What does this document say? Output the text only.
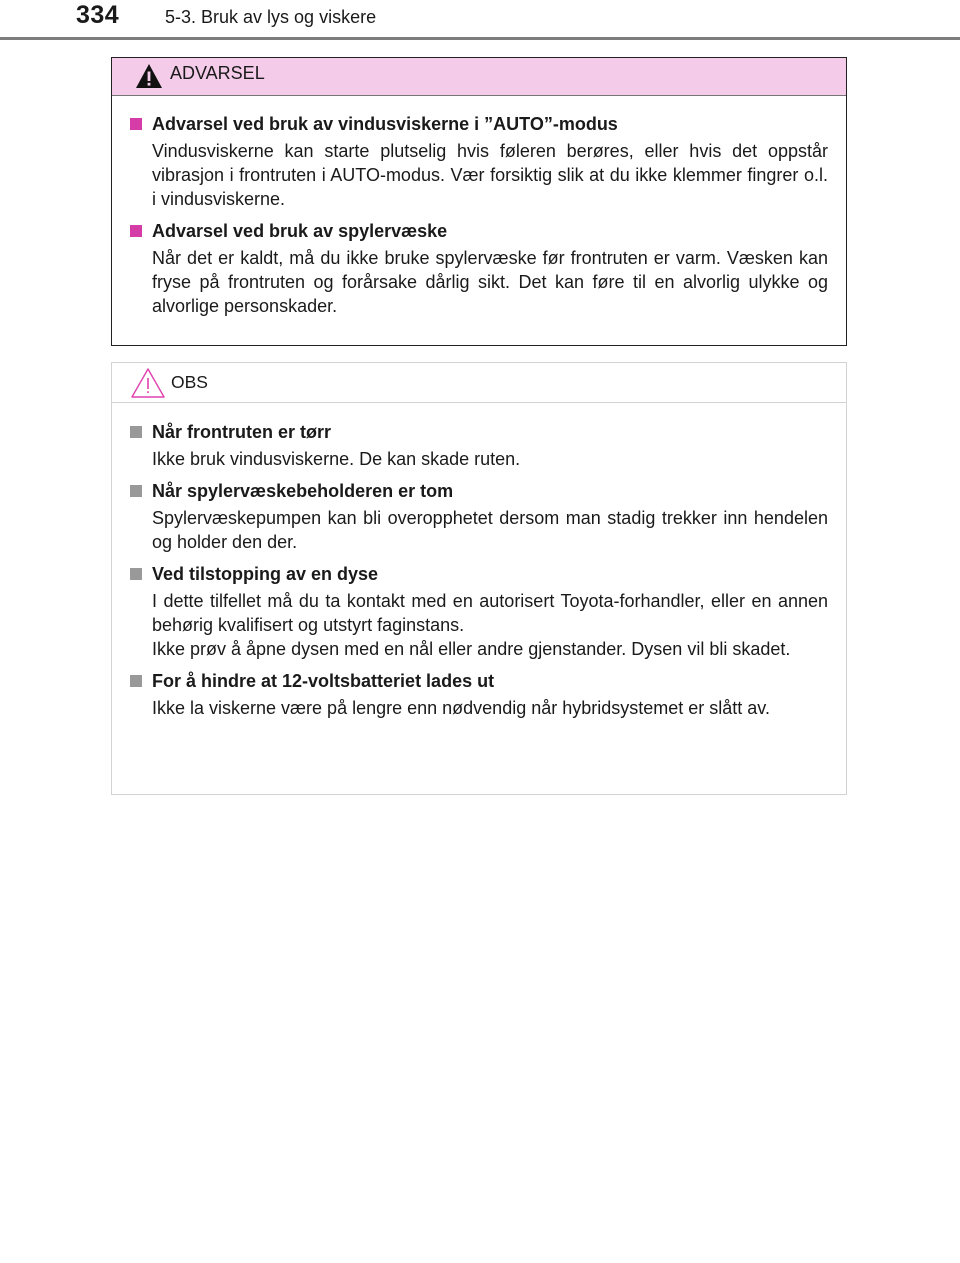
334	5-3. Bruk av lys og viskere
ADVARSEL
Advarsel ved bruk av vindusviskerne i ”AUTO”-modus
Vindusviskerne kan starte plutselig hvis føleren berøres, eller hvis det oppstår vibrasjon i frontruten i AUTO-modus. Vær forsiktig slik at du ikke klemmer fingrer o.l. i vindusviskerne.
Advarsel ved bruk av spylervæske
Når det er kaldt, må du ikke bruke spylervæske før frontruten er varm. Væsken kan fryse på frontruten og forårsake dårlig sikt. Det kan føre til en alvorlig ulykke og alvorlige personskader.
OBS
Når frontruten er tørr
Ikke bruk vindusviskerne. De kan skade ruten.
Når spylervæskebeholderen er tom
Spylervæskepumpen kan bli overopphetet dersom man stadig trekker inn hendelen og holder den der.
Ved tilstopping av en dyse
I dette tilfellet må du ta kontakt med en autorisert Toyota-forhandler, eller en annen behørig kvalifisert og utstyrt faginstans.
Ikke prøv å åpne dysen med en nål eller andre gjenstander. Dysen vil bli skadet.
For å hindre at 12-voltsbatteriet lades ut
Ikke la viskerne være på lengre enn nødvendig når hybridsystemet er slått av.
